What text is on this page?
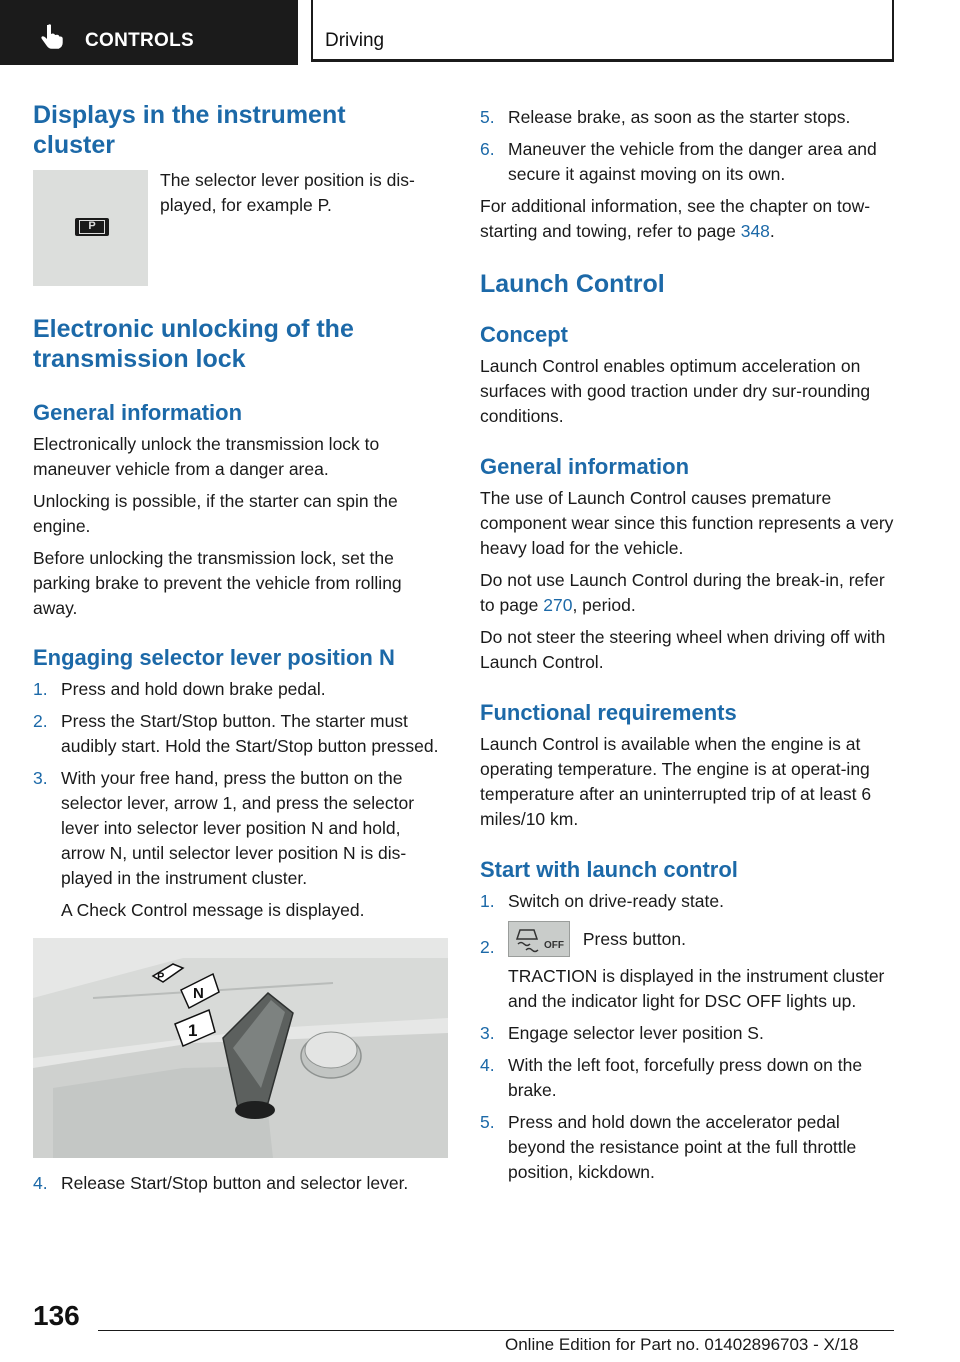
CONTROLS	Driving
Displays in the instrument cluster
P

The selector lever position is dis-played, for example P.

Electronic unlocking of the transmission lock
General information

Electronically unlock the transmission lock to maneuver vehicle from a danger area.

Unlocking is possible, if the starter can spin the engine.

Before unlocking the transmission lock, set the parking brake to prevent the vehicle from rolling away.

Engaging selector lever position N
1. Press and hold down brake pedal.
2. Press the Start/Stop button. The starter must audibly start. Hold the Start/Stop button pressed.
3. With your free hand, press the button on the selector lever, arrow 1, and press the selector lever into selector lever position N and hold, arrow N, until selector lever position N is dis-played in the instrument cluster.
A Check Control message is displayed.
P
N
1
4. Release Start/Stop button and selector lever.
5. Release brake, as soon as the starter stops.
6. Maneuver the vehicle from the danger area and secure it against moving on its own.

For additional information, see the chapter on tow-starting and towing, refer to page 348.

Launch Control
Concept

Launch Control enables optimum acceleration on surfaces with good traction under dry sur-rounding conditions.

General information

The use of Launch Control causes premature component wear since this function represents a very heavy load for the vehicle.

Do not use Launch Control during the break-in, refer to page 270, period.

Do not steer the steering wheel when driving off with Launch Control.

Functional requirements

Launch Control is available when the engine is at operating temperature. The engine is at operat-ing temperature after an uninterrupted trip of at least 6 miles/10 km.

Start with launch control
1. Switch on drive-ready state.
2.	OFF Press button.
TRACTION is displayed in the instrument cluster and the indicator light for DSC OFF lights up.
3. Engage selector lever position S.
4. With the left foot, forcefully press down on the brake.
5. Press and hold down the accelerator pedal beyond the resistance point at the full throttle position, kickdown.
136
Online Edition for Part no. 01402896703 - X/18
